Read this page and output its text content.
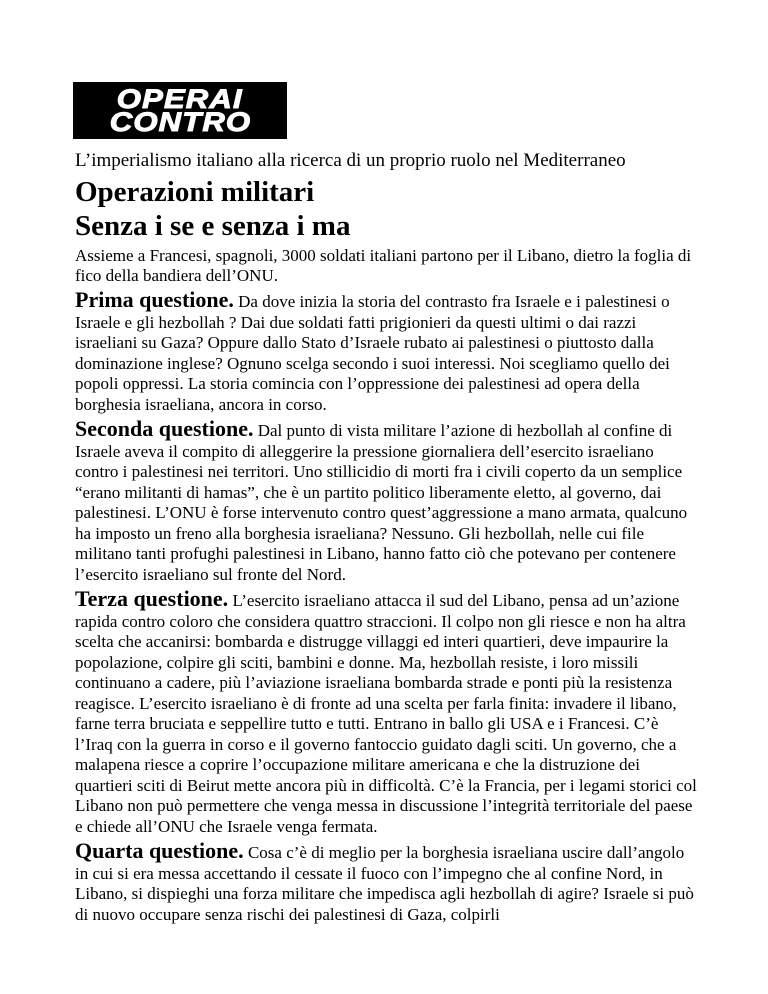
OPERAI
CONTRO

L’imperialismo italiano alla ricerca di un proprio ruolo nel Mediterraneo

Operazioni militari
Senza i se e senza i ma

Assieme a Francesi, spagnoli, 3000 soldati italiani partono per il Libano, dietro la foglia di fico della bandiera dell’ONU.

Prima questione. Da dove inizia la storia del contrasto fra Israele e i palestinesi o Israele e gli hezbollah ? Dai due soldati fatti prigionieri da questi ultimi o dai razzi israeliani su Gaza? Oppure dallo Stato d’Israele rubato ai palestinesi o piuttosto dalla dominazione inglese? Ognuno scelga secondo i suoi interessi. Noi scegliamo quello dei popoli oppressi. La storia comincia con l’oppressione dei palestinesi ad opera della borghesia israeliana, ancora in corso.

Seconda questione. Dal punto di vista militare l’azione di hezbollah al confine di Israele aveva il compito di alleggerire la pressione giornaliera dell’esercito israeliano contro i palestinesi nei territori. Uno stillicidio di morti fra i civili coperto da un semplice “erano militanti di hamas”, che è un partito politico liberamente eletto, al governo, dai palestinesi. L’ONU è forse intervenuto contro quest’aggressione a mano armata, qualcuno ha imposto un freno alla borghesia israeliana? Nessuno. Gli hezbollah, nelle cui file militano tanti profughi palestinesi in Libano, hanno fatto ciò che potevano per contenere l’esercito israeliano sul fronte del Nord.

Terza questione. L’esercito israeliano attacca il sud del Libano, pensa ad un’azione rapida contro coloro che considera quattro straccioni. Il colpo non gli riesce e non ha altra scelta che accanirsi: bombarda e distrugge villaggi ed interi quartieri, deve impaurire la popolazione, colpire gli sciti, bambini e donne. Ma, hezbollah resiste, i loro missili continuano a cadere, più l’aviazione israeliana bombarda strade e ponti più la resistenza reagisce. L’esercito israeliano è di fronte ad una scelta per farla finita: invadere il libano, farne terra bruciata e seppellire tutto e tutti. Entrano in ballo gli USA e i Francesi. C’è l’Iraq con la guerra in corso e il governo fantoccio guidato dagli sciti. Un governo, che a malapena riesce a coprire l’occupazione militare americana e che la distruzione dei quartieri sciti di Beirut mette ancora più in difficoltà. C’è la Francia, per i legami storici col Libano non può permettere che venga messa in discussione l’integrità territoriale del paese e chiede all’ONU che Israele venga fermata.

Quarta questione. Cosa c’è di meglio per la borghesia israeliana uscire dall’angolo in cui si era messa accettando il cessate il fuoco con l’impegno che al confine Nord, in Libano, si dispieghi una forza militare che impedisca agli hezbollah di agire? Israele si può di nuovo occupare senza rischi dei palestinesi di Gaza, colpirli
